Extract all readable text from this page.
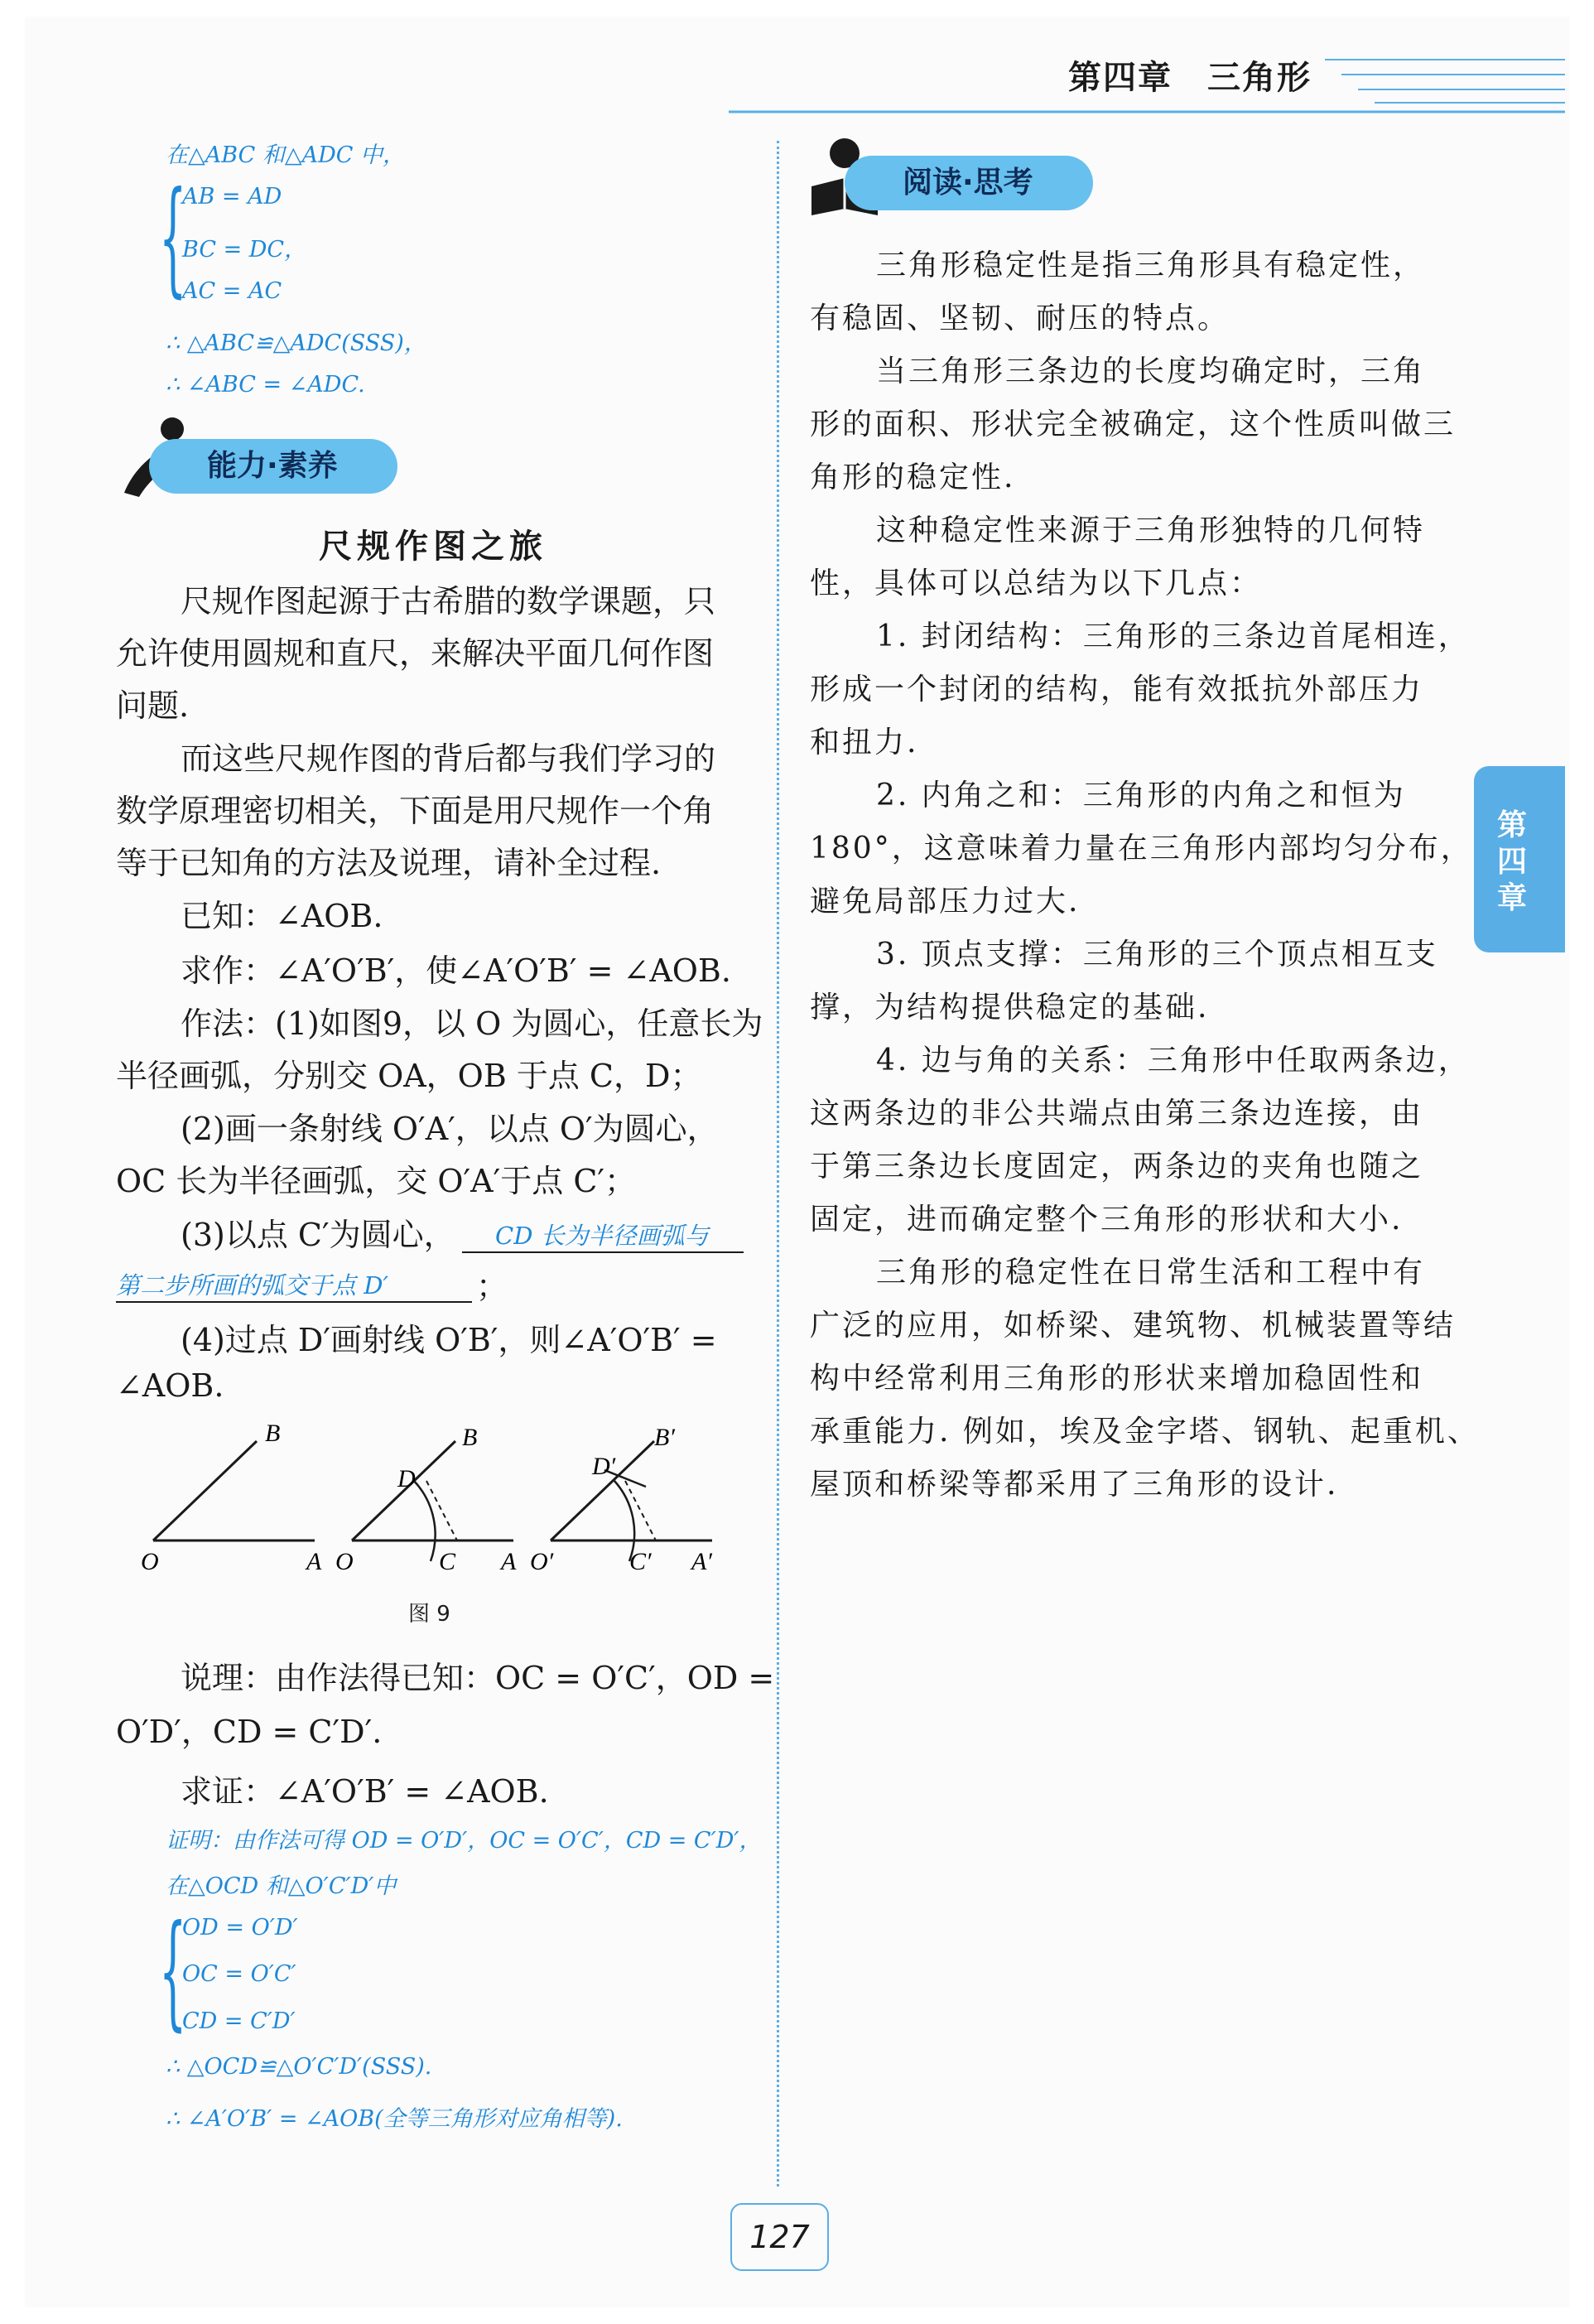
第四章　三角形
第四章
在△ABC 和△ADC 中，
{
AB = AD
BC = DC，
AC = AC
∴ △ABC≌△ADC(SSS)，
∴ ∠ABC = ∠ADC.
能力·素养
尺规作图之旅
尺规作图起源于古希腊的数学课题，只
允许使用圆规和直尺，来解决平面几何作图
问题.
而这些尺规作图的背后都与我们学习的
数学原理密切相关，下面是用尺规作一个角
等于已知角的方法及说理，请补全过程.
已知：∠AOB.
求作：∠A′O′B′，使∠A′O′B′ = ∠AOB.
作法：(1)如图9，以 O 为圆心，任意长为
半径画弧，分别交 OA，OB 于点 C，D；
(2)画一条射线 O′A′，以点 O′为圆心，
OC 长为半径画弧，交 O′A′于点 C′；
(3)以点 C′为圆心，	CD 长为半径画弧与
第二步所画的弧交于点 D′	；
(4)过点 D′画射线 O′B′，则∠A′O′B′ =
∠AOB.
B
O	A
B
D
O	C A
B′
D′
O′	C′ A′
图 9
说理：由作法得已知：OC = O′C′，OD =
O′D′，CD = C′D′.
求证：∠A′O′B′ = ∠AOB.
证明：由作法可得 OD = O′D′，OC = O′C′，CD = C′D′，
在△OCD 和△O′C′D′中
{
OD = O′D′
OC = O′C′
CD = C′D′
∴ △OCD≌△O′C′D′(SSS).
∴ ∠A′O′B′ = ∠AOB(全等三角形对应角相等).
阅读·思考
三角形稳定性是指三角形具有稳定性，
有稳固、坚韧、耐压的特点。
当三角形三条边的长度均确定时，三角
形的面积、形状完全被确定，这个性质叫做三
角形的稳定性.
这种稳定性来源于三角形独特的几何特
性，具体可以总结为以下几点：
1. 封闭结构：三角形的三条边首尾相连，
形成一个封闭的结构，能有效抵抗外部压力
和扭力.
2. 内角之和：三角形的内角之和恒为
180°，这意味着力量在三角形内部均匀分布，
避免局部压力过大.
3. 顶点支撑：三角形的三个顶点相互支
撑，为结构提供稳定的基础.
4. 边与角的关系：三角形中任取两条边，
这两条边的非公共端点由第三条边连接，由
于第三条边长度固定，两条边的夹角也随之
固定，进而确定整个三角形的形状和大小.
三角形的稳定性在日常生活和工程中有
广泛的应用，如桥梁、建筑物、机械装置等结
构中经常利用三角形的形状来增加稳固性和
承重能力. 例如，埃及金字塔、钢轨、起重机、
屋顶和桥梁等都采用了三角形的设计.
127
